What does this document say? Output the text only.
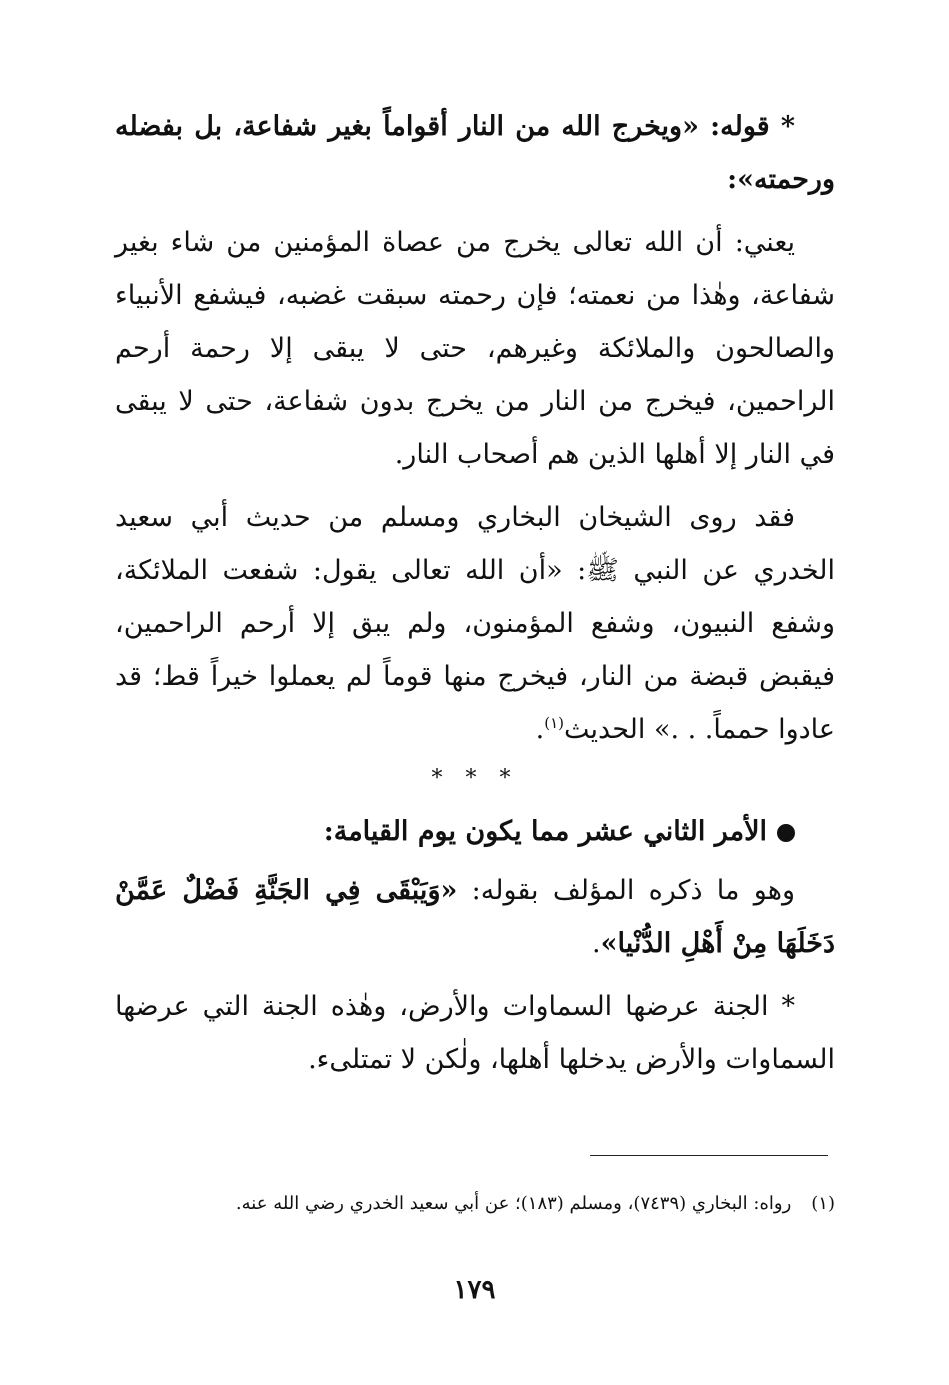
* قوله: «ويخرج الله من النار أقواماً بغير شفاعة، بل بفضله ورحمته»:

يعني: أن الله تعالى يخرج من عصاة المؤمنين من شاء بغير شفاعة، وهٰذا من نعمته؛ فإن رحمته سبقت غضبه، فيشفع الأنبياء والصالحون والملائكة وغيرهم، حتى لا يبقى إلا رحمة أرحم الراحمين، فيخرج من النار من يخرج بدون شفاعة، حتى لا يبقى في النار إلا أهلها الذين هم أصحاب النار.

فقد روى الشيخان البخاري ومسلم من حديث أبي سعيد الخدري عن النبي ﷺ: «أن الله تعالى يقول: شفعت الملائكة، وشفع النبيون، وشفع المؤمنون، ولم يبق إلا أرحم الراحمين، فيقبض قبضة من النار، فيخرج منها قوماً لم يعملوا خيراً قط؛ قد عادوا حمماً. . .» الحديث$^{(١)}$.

* * *
الأمر الثاني عشر مما يكون يوم القيامة:

وهو ما ذكره المؤلف بقوله: «وَيَبْقَى فِي الجَنَّةِ فَضْلٌ عَمَّنْ دَخَلَهَا مِنْ أَهْلِ الدُّنْيا».

* الجنة عرضها السماوات والأرض، وهٰذه الجنة التي عرضها السماوات والأرض يدخلها أهلها، ولٰكن لا تمتلىء.

(١)رواه: البخاري (٧٤٣٩)، ومسلم (١٨٣)؛ عن أبي سعيد الخدري رضي الله عنه.
١٧٩
